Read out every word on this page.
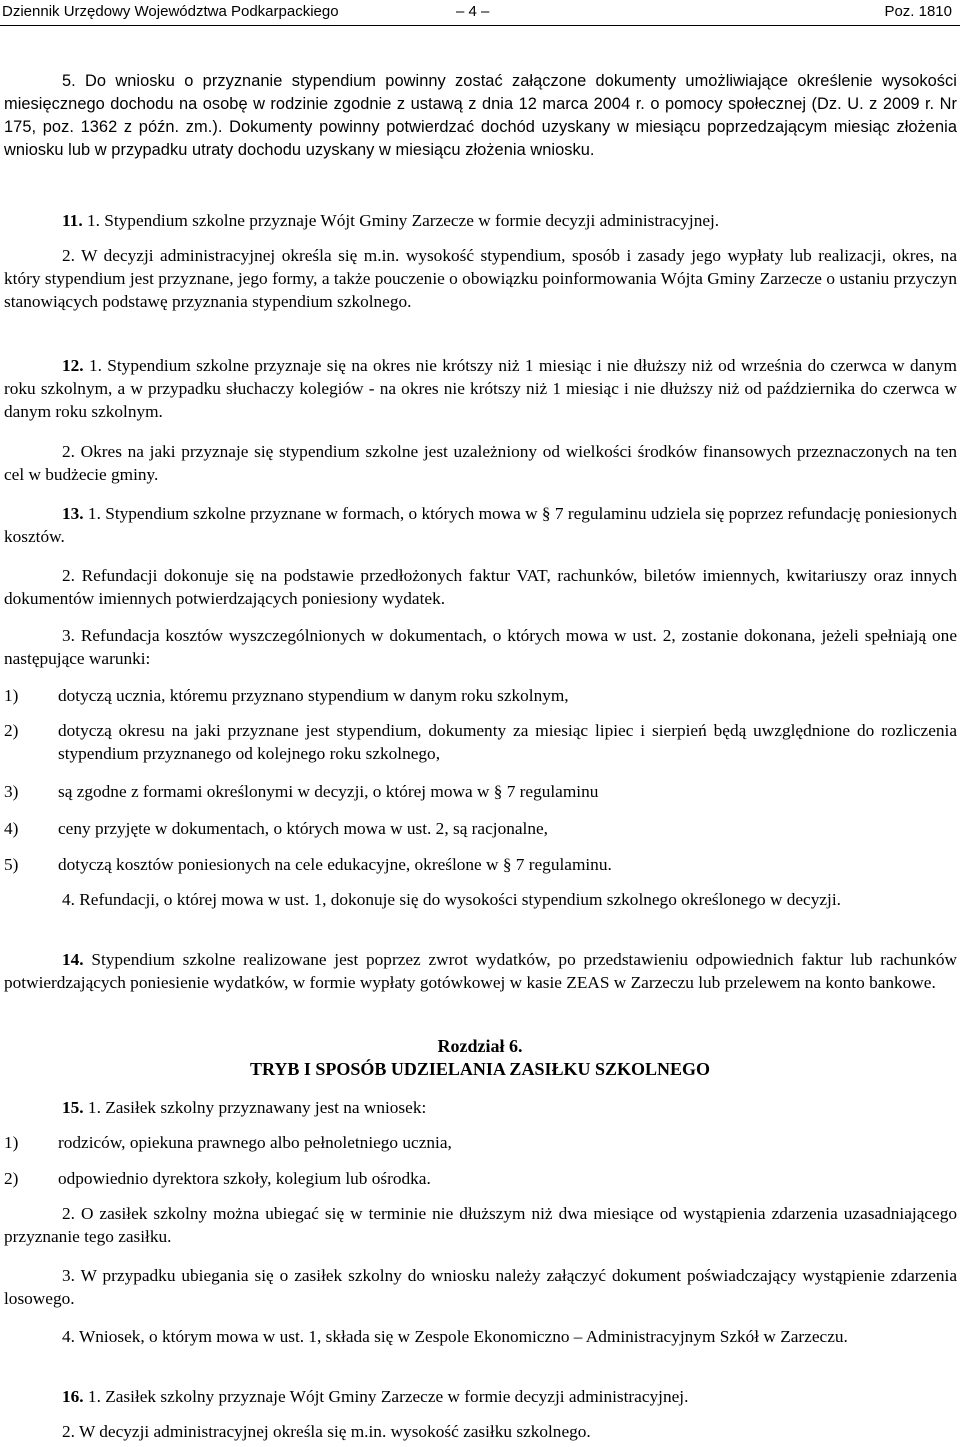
Dziennik Urzędowy Województwa Podkarpackiego	– 4 –	Poz. 1810

5. Do wniosku o przyznanie stypendium powinny zostać załączone dokumenty umożliwiające określenie wysokości miesięcznego dochodu na osobę w rodzinie zgodnie z ustawą z dnia 12 marca 2004 r. o pomocy społecznej (Dz. U. z 2009 r. Nr 175, poz. 1362 z późn. zm.). Dokumenty powinny potwierdzać dochód uzyskany w miesiącu poprzedzającym miesiąc złożenia wniosku lub w przypadku utraty dochodu uzyskany w miesiącu złożenia wniosku.

11. 1. Stypendium szkolne przyznaje Wójt Gminy Zarzecze w formie decyzji administracyjnej.

2. W decyzji administracyjnej określa się m.in. wysokość stypendium, sposób i zasady jego wypłaty lub realizacji, okres, na który stypendium jest przyznane, jego formy, a także pouczenie o obowiązku poinformowania Wójta Gminy Zarzecze o ustaniu przyczyn stanowiących podstawę przyznania stypendium szkolnego.

12. 1. Stypendium szkolne przyznaje się na okres nie krótszy niż 1 miesiąc i nie dłuższy niż od września do czerwca w danym roku szkolnym, a w przypadku słuchaczy kolegiów - na okres nie krótszy niż 1 miesiąc i nie dłuższy niż od października do czerwca w danym roku szkolnym.

2. Okres na jaki przyznaje się stypendium szkolne jest uzależniony od wielkości środków finansowych przeznaczonych na ten cel w budżecie gminy.

13. 1. Stypendium szkolne przyznane w formach, o których mowa w § 7 regulaminu udziela się poprzez refundację poniesionych kosztów.

2. Refundacji dokonuje się na podstawie przedłożonych faktur VAT, rachunków, biletów imiennych, kwitariuszy oraz innych dokumentów imiennych potwierdzających poniesiony wydatek.

3. Refundacja kosztów wyszczególnionych w dokumentach, o których mowa w ust. 2, zostanie dokonana, jeżeli spełniają one następujące warunki:

1) dotyczą ucznia, któremu przyznano stypendium w danym roku szkolnym,
2) dotyczą okresu na jaki przyznane jest stypendium, dokumenty za miesiąc lipiec i sierpień będą uwzględnione do rozliczenia stypendium przyznanego od kolejnego roku szkolnego,
3) są zgodne z formami określonymi w decyzji, o której mowa w § 7 regulaminu
4) ceny przyjęte w dokumentach, o których mowa w ust. 2, są racjonalne,
5) dotyczą kosztów poniesionych na cele edukacyjne, określone w § 7 regulaminu.

4. Refundacji, o której mowa w ust. 1, dokonuje się do wysokości stypendium szkolnego określonego w decyzji.

14. Stypendium szkolne realizowane jest poprzez zwrot wydatków, po przedstawieniu odpowiednich faktur lub rachunków potwierdzających poniesienie wydatków, w formie wypłaty gotówkowej w kasie ZEAS w Zarzeczu lub przelewem na konto bankowe.

Rozdział 6.
TRYB I SPOSÓB UDZIELANIA ZASIŁKU SZKOLNEGO

15. 1. Zasiłek szkolny przyznawany jest na wniosek:

1) rodziców, opiekuna prawnego albo pełnoletniego ucznia,
2) odpowiednio dyrektora szkoły, kolegium lub ośrodka.

2. O zasiłek szkolny można ubiegać się w terminie nie dłuższym niż dwa miesiące od wystąpienia zdarzenia uzasadniającego przyznanie tego zasiłku.

3. W przypadku ubiegania się o zasiłek szkolny do wniosku należy załączyć dokument poświadczający wystąpienie zdarzenia losowego.

4. Wniosek, o którym mowa w ust. 1, składa się w Zespole Ekonomiczno – Administracyjnym Szkół w Zarzeczu.

16. 1. Zasiłek szkolny przyznaje Wójt Gminy Zarzecze w formie decyzji administracyjnej.

2. W decyzji administracyjnej określa się m.in. wysokość zasiłku szkolnego.
